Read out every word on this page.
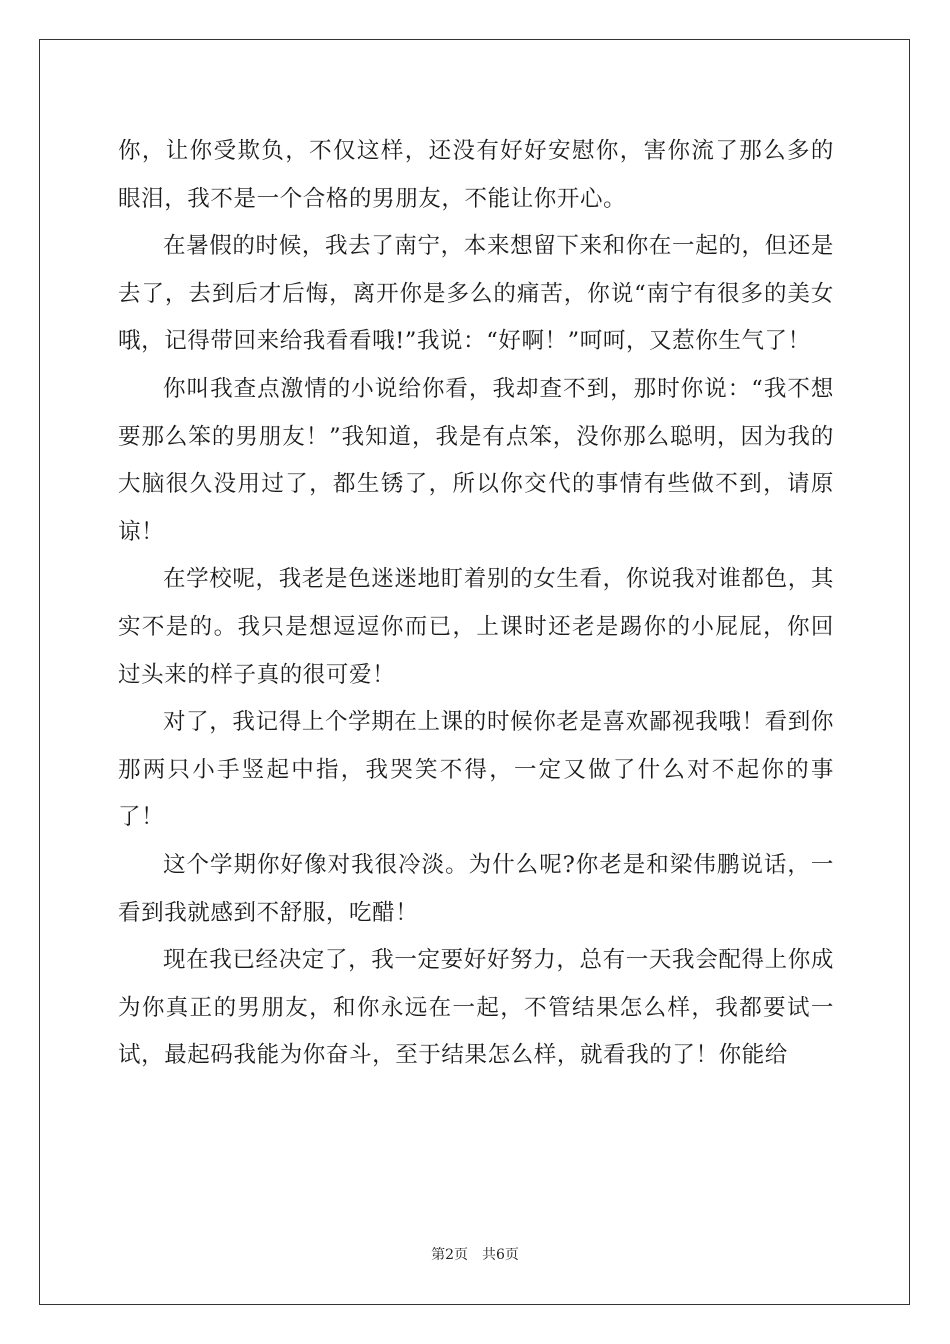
你，让你受欺负，不仅这样，还没有好好安慰你，害你流了那么多的眼泪，我不是一个合格的男朋友，不能让你开心。

在暑假的时候，我去了南宁，本来想留下来和你在一起的，但还是去了，去到后才后悔，离开你是多么的痛苦，你说“南宁有很多的美女哦，记得带回来给我看看哦!”我说：“好啊！”呵呵，又惹你生气了！

你叫我查点激情的小说给你看，我却查不到，那时你说：“我不想要那么笨的男朋友！”我知道，我是有点笨，没你那么聪明，因为我的大脑很久没用过了，都生锈了，所以你交代的事情有些做不到，请原谅！

在学校呢，我老是色迷迷地盯着别的女生看，你说我对谁都色，其实不是的。我只是想逗逗你而已，上课时还老是踢你的小屁屁，你回过头来的样子真的很可爱！

对了，我记得上个学期在上课的时候你老是喜欢鄙视我哦！看到你那两只小手竖起中指，我哭笑不得，一定又做了什么对不起你的事了！

这个学期你好像对我很冷淡。为什么呢?你老是和梁伟鹏说话，一看到我就感到不舒服，吃醋！

现在我已经决定了，我一定要好好努力，总有一天我会配得上你成为你真正的男朋友，和你永远在一起，不管结果怎么样，我都要试一试，最起码我能为你奋斗，至于结果怎么样，就看我的了！你能给

第2页 共6页
